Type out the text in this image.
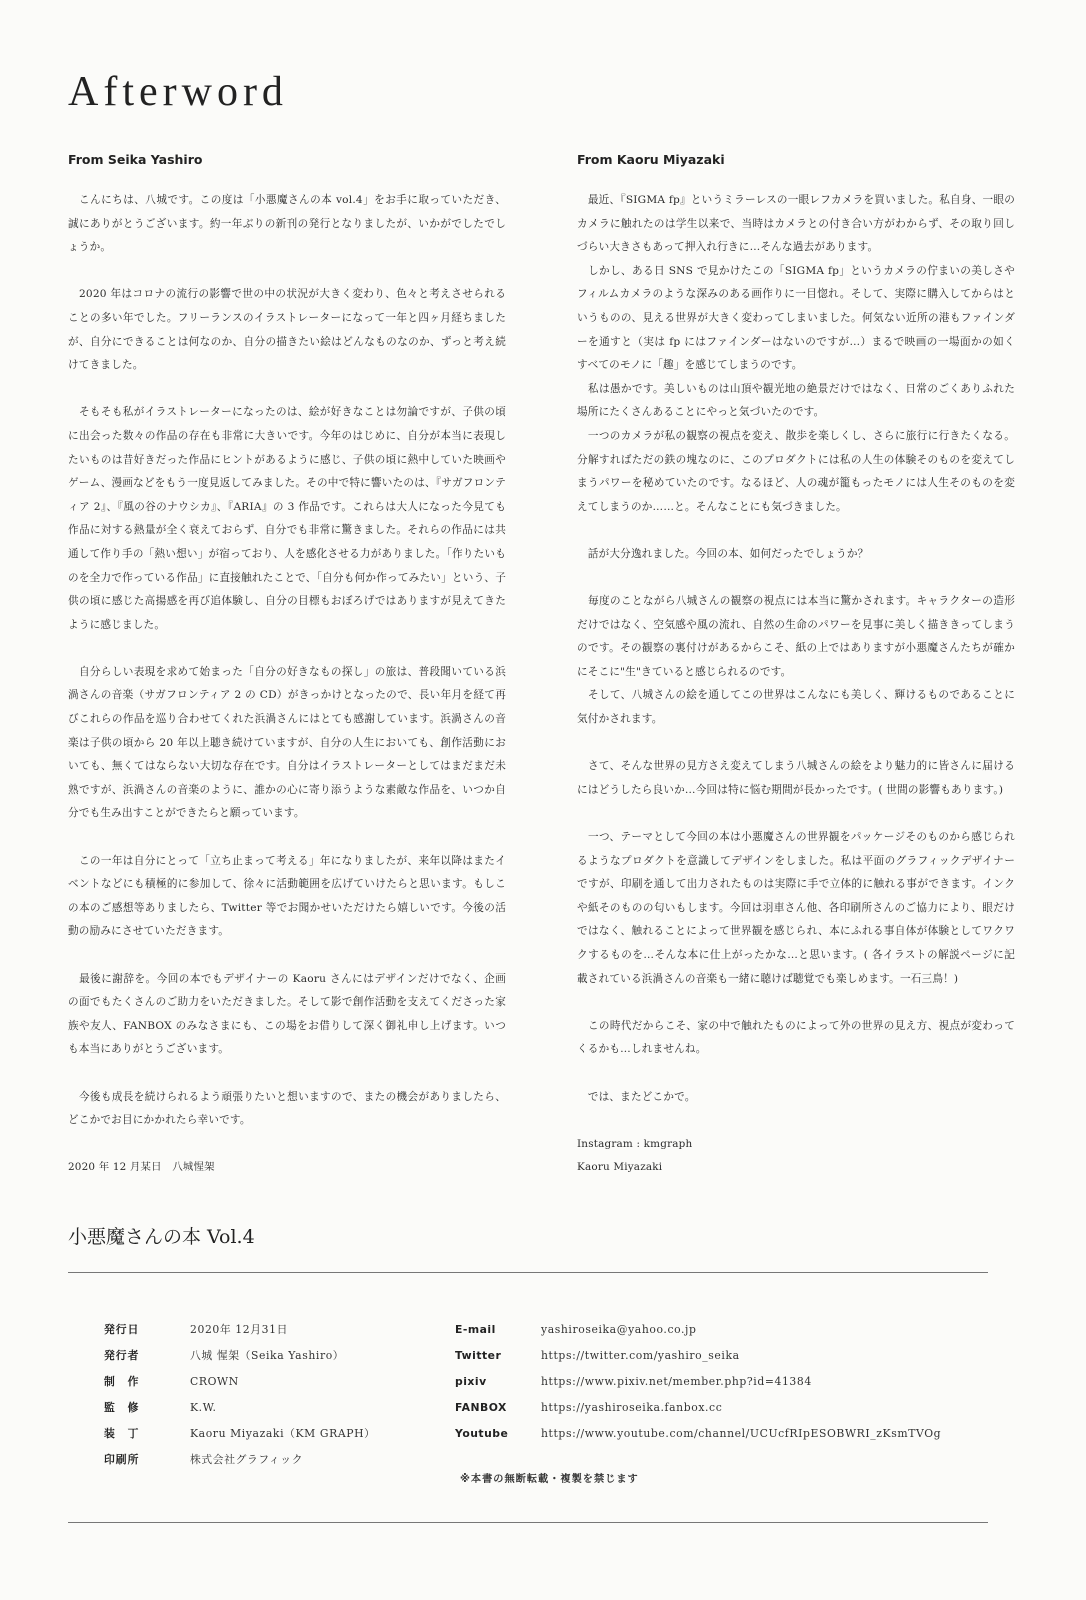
Afterword
From Seika Yashiro

　こんにちは、八城です。この度は「小悪魔さんの本 vol.4」をお手に取っていただき、誠にありがとうございます。約一年ぶりの新刊の発行となりましたが、いかがでしたでしょうか。

　2020 年はコロナの流行の影響で世の中の状況が大きく変わり、色々と考えさせられることの多い年でした。フリーランスのイラストレーターになって一年と四ヶ月経ちましたが、自分にできることは何なのか、自分の描きたい絵はどんなものなのか、ずっと考え続けてきました。

　そもそも私がイラストレーターになったのは、絵が好きなことは勿論ですが、子供の頃に出会った数々の作品の存在も非常に大きいです。今年のはじめに、自分が本当に表現したいものは昔好きだった作品にヒントがあるように感じ、子供の頃に熱中していた映画やゲーム、漫画などをもう一度見返してみました。その中で特に響いたのは、『サガフロンティア 2』、『風の谷のナウシカ』、『ARIA』の 3 作品です。これらは大人になった今見ても作品に対する熱量が全く衰えておらず、自分でも非常に驚きました。それらの作品には共通して作り手の「熱い想い」が宿っており、人を感化させる力がありました。「作りたいものを全力で作っている作品」に直接触れたことで、「自分も何か作ってみたい」という、子供の頃に感じた高揚感を再び追体験し、自分の目標もおぼろげではありますが見えてきたように感じました。

　自分らしい表現を求めて始まった「自分の好きなもの探し」の旅は、普段聞いている浜渦さんの音楽（サガフロンティア 2 の CD）がきっかけとなったので、長い年月を経て再びこれらの作品を巡り合わせてくれた浜渦さんにはとても感謝しています。浜渦さんの音楽は子供の頃から 20 年以上聴き続けていますが、自分の人生においても、創作活動においても、無くてはならない大切な存在です。自分はイラストレーターとしてはまだまだ未熟ですが、浜渦さんの音楽のように、誰かの心に寄り添うような素敵な作品を、いつか自分でも生み出すことができたらと願っています。

　この一年は自分にとって「立ち止まって考える」年になりましたが、来年以降はまたイベントなどにも積極的に参加して、徐々に活動範囲を広げていけたらと思います。もしこの本のご感想等ありましたら、Twitter 等でお聞かせいただけたら嬉しいです。今後の活動の励みにさせていただきます。

　最後に謝辞を。今回の本でもデザイナーの Kaoru さんにはデザインだけでなく、企画の面でもたくさんのご助力をいただきました。そして影で創作活動を支えてくださった家族や友人、FANBOX のみなさまにも、この場をお借りして深く御礼申し上げます。いつも本当にありがとうございます。

　今後も成長を続けられるよう頑張りたいと想いますので、またの機会がありましたら、どこかでお目にかかれたら幸いです。

2020 年 12 月某日　八城惺架

From Kaoru Miyazaki

　最近、『SIGMA fp』というミラーレスの一眼レフカメラを買いました。私自身、一眼のカメラに触れたのは学生以来で、当時はカメラとの付き合い方がわからず、その取り回しづらい大きさもあって押入れ行きに…そんな過去があります。

　しかし、ある日 SNS で見かけたこの「SIGMA fp」というカメラの佇まいの美しさやフィルムカメラのような深みのある画作りに一目惚れ。そして、実際に購入してからはというものの、見える世界が大きく変わってしまいました。何気ない近所の港もファインダーを通すと（実は fp にはファインダーはないのですが…）まるで映画の一場面かの如くすべてのモノに「趣」を感じてしまうのです。

　私は愚かです。美しいものは山頂や観光地の絶景だけではなく、日常のごくありふれた場所にたくさんあることにやっと気づいたのです。

　一つのカメラが私の観察の視点を変え、散歩を楽しくし、さらに旅行に行きたくなる。分解すればただの鉄の塊なのに、このプロダクトには私の人生の体験そのものを変えてしまうパワーを秘めていたのです。なるほど、人の魂が籠もったモノには人生そのものを変えてしまうのか……と。そんなことにも気づきました。

　話が大分逸れました。今回の本、如何だったでしょうか？

　毎度のことながら八城さんの観察の視点には本当に驚かされます。キャラクターの造形だけではなく、空気感や風の流れ、自然の生命のパワーを見事に美しく描ききってしまうのです。その観察の裏付けがあるからこそ、紙の上ではありますが小悪魔さんたちが確かにそこに"生"きていると感じられるのです。

　そして、八城さんの絵を通してこの世界はこんなにも美しく、輝けるものであることに気付かされます。

　さて、そんな世界の見方さえ変えてしまう八城さんの絵をより魅力的に皆さんに届けるにはどうしたら良いか…今回は特に悩む期間が長かったです。( 世間の影響もあります。)

　一つ、テーマとして今回の本は小悪魔さんの世界観をパッケージそのものから感じられるようなプロダクトを意識してデザインをしました。私は平面のグラフィックデザイナーですが、印刷を通して出力されたものは実際に手で立体的に触れる事ができます。インクや紙そのものの匂いもします。今回は羽車さん他、各印刷所さんのご協力により、眼だけではなく、触れることによって世界観を感じられ、本にふれる事自体が体験としてワクワクするものを…そんな本に仕上がったかな…と思います。( 各イラストの解説ページに記載されている浜渦さんの音楽も一緒に聴けば聴覚でも楽しめます。一石三鳥！)

　この時代だからこそ、家の中で触れたものによって外の世界の見え方、視点が変わってくるかも…しれませんね。

　では、またどこかで。

Instagram : kmgraph

Kaoru Miyazaki

小悪魔さんの本 Vol.4
発行日	2020年 12月31日
発行者	八城 惺架（Seika Yashiro）
制　作	CROWN
監　修	K.W.
装　丁	Kaoru Miyazaki（KM GRAPH）
印刷所	株式会社グラフィック
E-mail	yashiroseika@yahoo.co.jp
Twitter	https://twitter.com/yashiro_seika
pixiv	https://www.pixiv.net/member.php?id=41384
FANBOX	https://yashiroseika.fanbox.cc
Youtube	https://www.youtube.com/channel/UCUcfRIpESOBWRI_zKsmTVOg
※本書の無断転載・複製を禁じます
